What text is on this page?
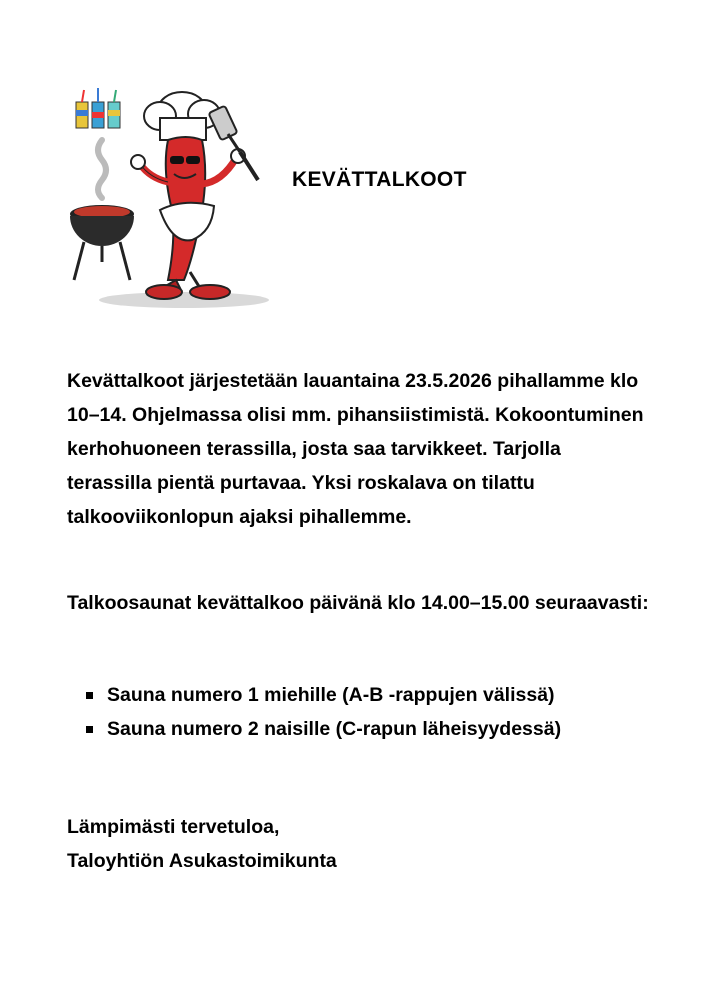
KEVÄTTALKOOT

Kevättalkoot järjestetään lauantaina 23.5.2026 pihallamme klo 10–14. Ohjelmassa olisi mm. pihansiistimistä. Kokoontuminen kerhohuoneen terassilla, josta saa tarvikkeet. Tarjolla terassilla pientä purtavaa. Yksi roskalava on tilattu talkooviikonlopun ajaksi pihallemme.

Talkoosaunat kevättalkoo päivänä klo 14.00–15.00 seuraavasti:

Sauna numero 1 miehille (A-B -rappujen välissä)
Sauna numero 2 naisille (C-rapun läheisyydessä)

Lämpimästi tervetuloa,
Taloyhtiön Asukastoimikunta
